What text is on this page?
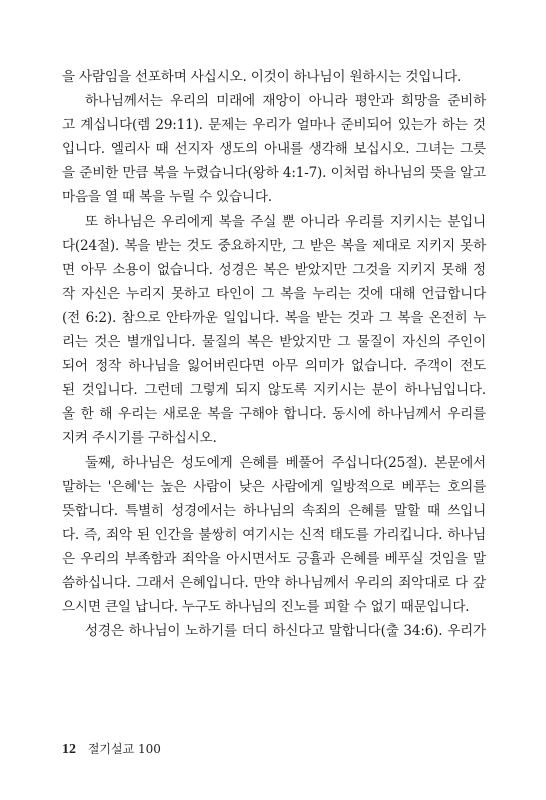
을 사람임을 선포하며 사십시오. 이것이 하나님이 원하시는 것입니다.
하나님께서는 우리의 미래에 재앙이 아니라 평안과 희망을 준비하
고 계십니다(렘 29:11). 문제는 우리가 얼마나 준비되어 있는가 하는 것
입니다. 엘리사 때 선지자 생도의 아내를 생각해 보십시오. 그녀는 그릇
을 준비한 만큼 복을 누렸습니다(왕하 4:1-7). 이처럼 하나님의 뜻을 알고
마음을 열 때 복을 누릴 수 있습니다.
또 하나님은 우리에게 복을 주실 뿐 아니라 우리를 지키시는 분입니
다(24절). 복을 받는 것도 중요하지만, 그 받은 복을 제대로 지키지 못하
면 아무 소용이 없습니다. 성경은 복은 받았지만 그것을 지키지 못해 정
작 자신은 누리지 못하고 타인이 그 복을 누리는 것에 대해 언급합니다
(전 6:2). 참으로 안타까운 일입니다. 복을 받는 것과 그 복을 온전히 누
리는 것은 별개입니다. 물질의 복은 받았지만 그 물질이 자신의 주인이
되어 정작 하나님을 잃어버린다면 아무 의미가 없습니다. 주객이 전도
된 것입니다. 그런데 그렇게 되지 않도록 지키시는 분이 하나님입니다.
올 한 해 우리는 새로운 복을 구해야 합니다. 동시에 하나님께서 우리를
지켜 주시기를 구하십시오.
둘째, 하나님은 성도에게 은혜를 베풀어 주십니다(25절). 본문에서
말하는 '은혜'는 높은 사람이 낮은 사람에게 일방적으로 베푸는 호의를
뜻합니다. 특별히 성경에서는 하나님의 속죄의 은혜를 말할 때 쓰입니
다. 즉, 죄악 된 인간을 불쌍히 여기시는 신적 태도를 가리킵니다. 하나님
은 우리의 부족함과 죄악을 아시면서도 긍휼과 은혜를 베푸실 것임을 말
씀하십니다. 그래서 은혜입니다. 만약 하나님께서 우리의 죄악대로 다 갚
으시면 큰일 납니다. 누구도 하나님의 진노를 피할 수 없기 때문입니다.
성경은 하나님이 노하기를 더디 하신다고 말합니다(출 34:6). 우리가
12 절기설교 100
